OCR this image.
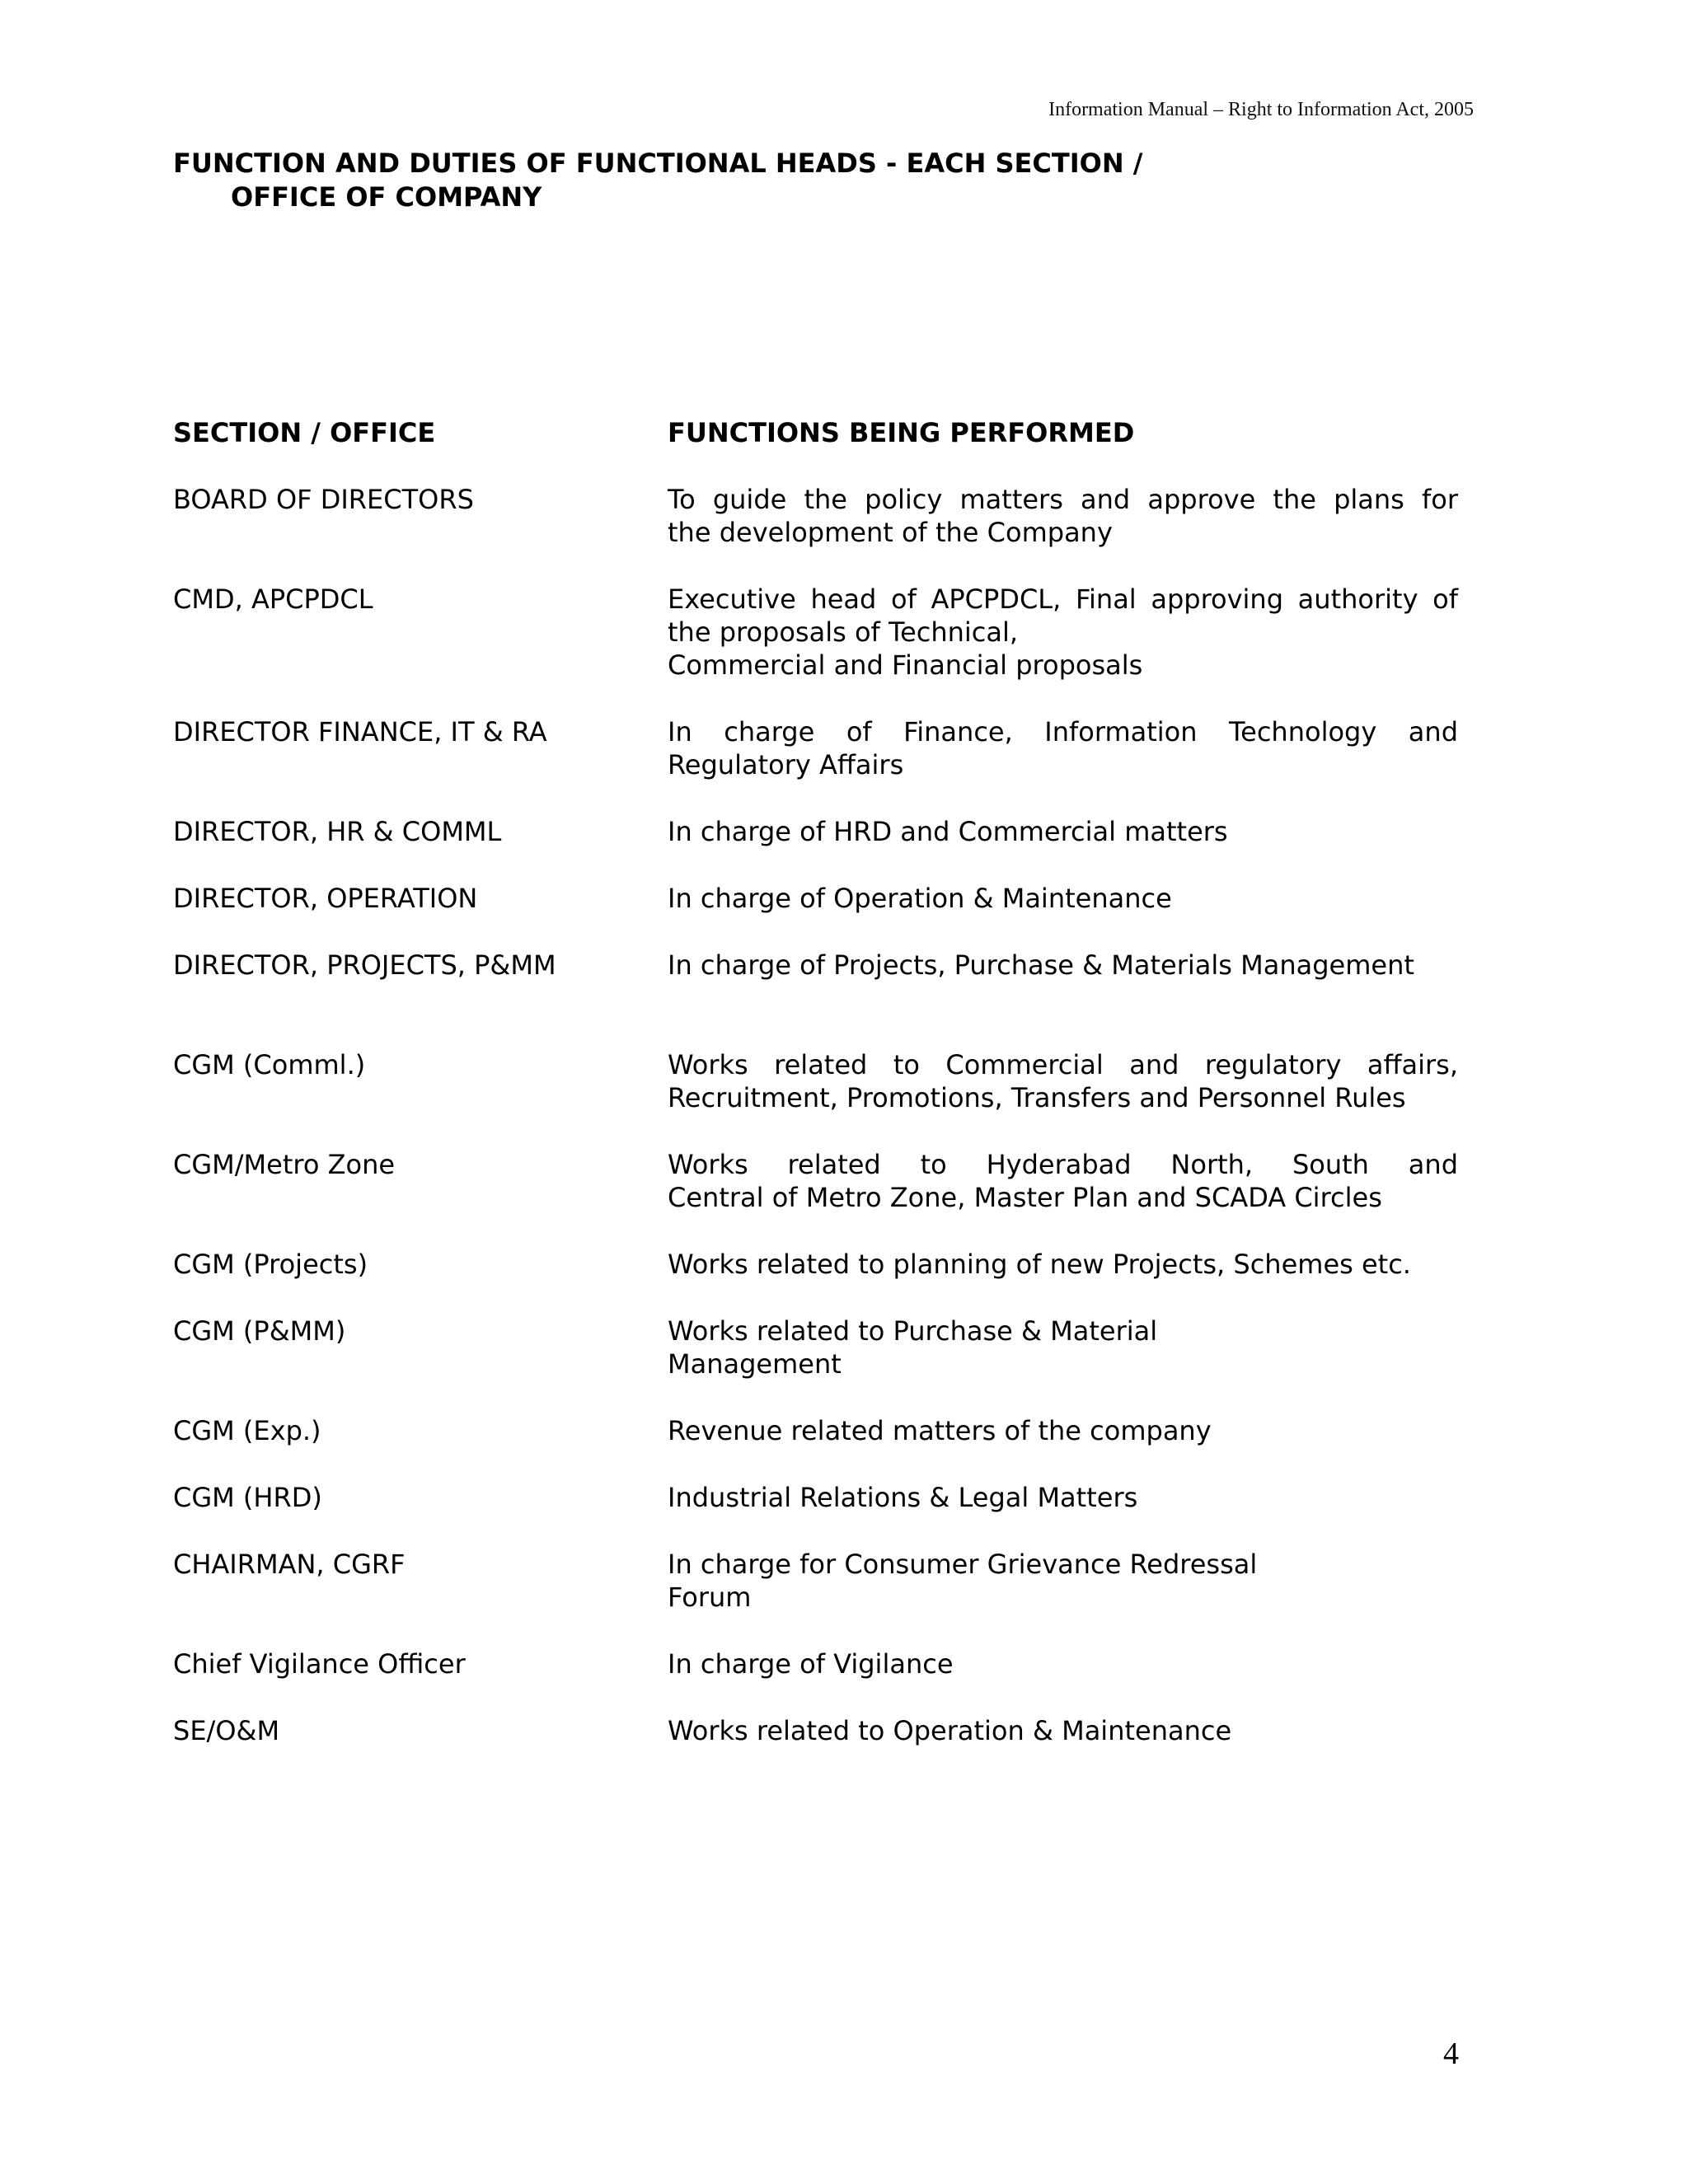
Information Manual – Right to Information Act, 2005
FUNCTION AND DUTIES OF FUNCTIONAL HEADS - EACH SECTION /
OFFICE OF COMPANY
SECTION / OFFICE	FUNCTIONS BEING PERFORMED
BOARD OF DIRECTORS	To guide the policy matters and approve the plans for
the development of the Company
CMD, APCPDCL	Executive head of APCPDCL, Final approving authority of
the proposals of Technical,
Commercial and Financial proposals
DIRECTOR FINANCE, IT & RA	In charge of Finance, Information Technology and
Regulatory Affairs
DIRECTOR, HR & COMML	In charge of HRD and Commercial matters
DIRECTOR, OPERATION	In charge of Operation & Maintenance
DIRECTOR, PROJECTS, P&MM	In charge of Projects, Purchase & Materials Management
CGM (Comml.)	Works related to Commercial and regulatory affairs,
Recruitment, Promotions, Transfers and Personnel Rules
CGM/Metro Zone	Works related to Hyderabad North, South and
Central of Metro Zone, Master Plan and SCADA Circles
CGM (Projects)	Works related to planning of new Projects, Schemes etc.
CGM (P&MM)	Works related to Purchase & Material
Management
CGM (Exp.)	Revenue related matters of the company
CGM (HRD)	Industrial Relations & Legal Matters
CHAIRMAN, CGRF	In charge for Consumer Grievance Redressal
Forum
Chief Vigilance Officer	In charge of Vigilance
SE/O&M	Works related to Operation & Maintenance
4
